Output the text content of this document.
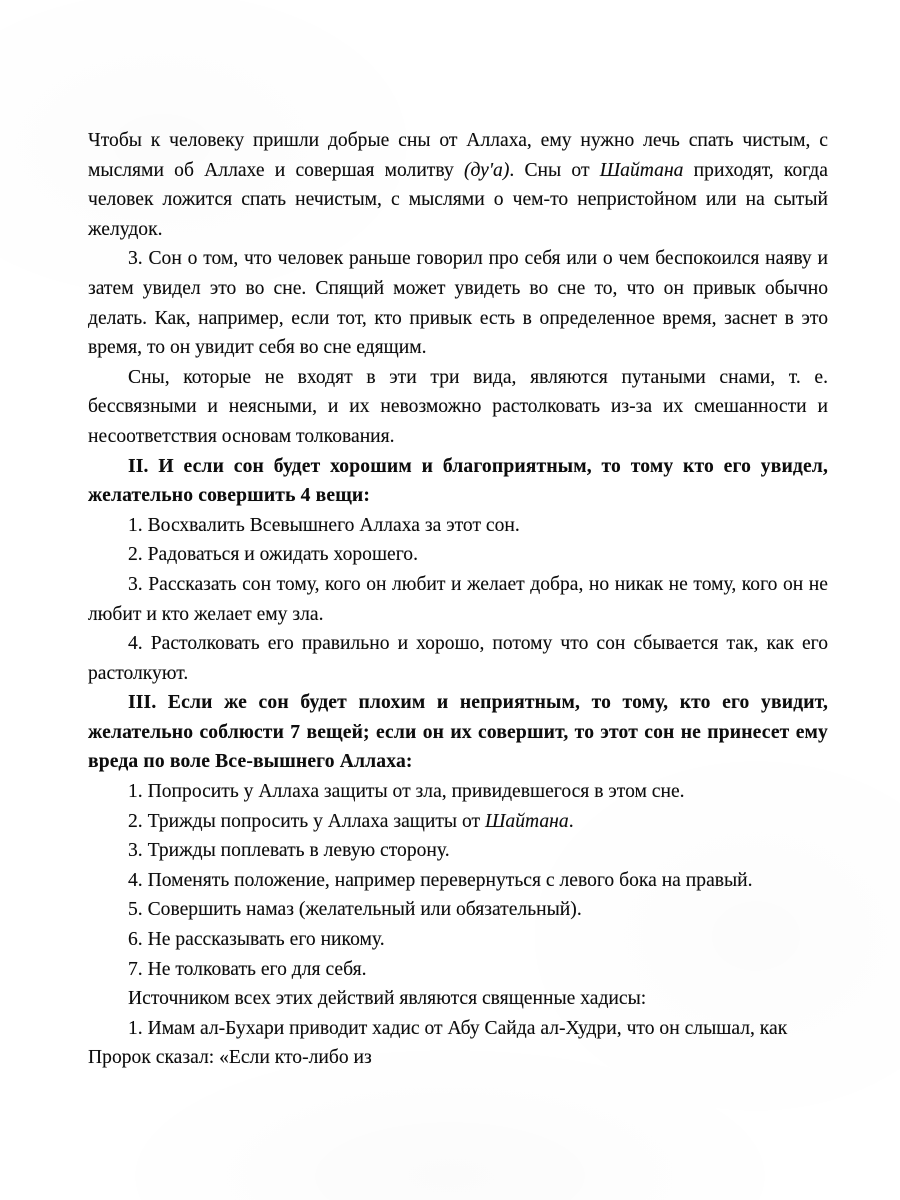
Чтобы к человеку пришли добрые сны от Аллаха, ему нужно лечь спать чистым, с мыслями об Аллахе и совершая молитву (ду'а). Сны от Шайтана приходят, когда человек ложится спать нечистым, с мыслями о чем-то непристойном или на сытый желудок.

3. Сон о том, что человек раньше говорил про себя или о чем беспокоился наяву и затем увидел это во сне. Спящий может увидеть во сне то, что он привык обычно делать. Как, например, если тот, кто привык есть в определенное время, заснет в это время, то он увидит себя во сне едящим.

Сны, которые не входят в эти три вида, являются путаными снами, т. е. бессвязными и неясными, и их невозможно растолковать из-за их смешанности и несоответствия основам толкования.

II. И если сон будет хорошим и благоприятным, то тому кто его увидел, желательно совершить 4 вещи:

1. Восхвалить Всевышнего Аллаха за этот сон.

2. Радоваться и ожидать хорошего.

3. Рассказать сон тому, кого он любит и желает добра, но никак не тому, кого он не любит и кто желает ему зла.

4. Растолковать его правильно и хорошо, потому что сон сбывается так, как его растолкуют.

III. Если же сон будет плохим и неприятным, то тому, кто его увидит, желательно соблюсти 7 вещей; если он их совершит, то этот сон не принесет ему вреда по воле Все-вышнего Аллаха:

1. Попросить у Аллаха защиты от зла, привидевшегося в этом сне.

2. Трижды попросить у Аллаха защиты от Шайтана.

3. Трижды поплевать в левую сторону.

4. Поменять положение, например перевернуться с левого бока на правый.

5. Совершить намаз (желательный или обязательный).

6. Не рассказывать его никому.

7. Не толковать его для себя.

Источником всех этих действий являются священные хадисы:

1. Имам ал-Бухари приводит хадис от Абу Сайда ал-Худри, что он слышал, как Пророк сказал: «Если кто-либо из
